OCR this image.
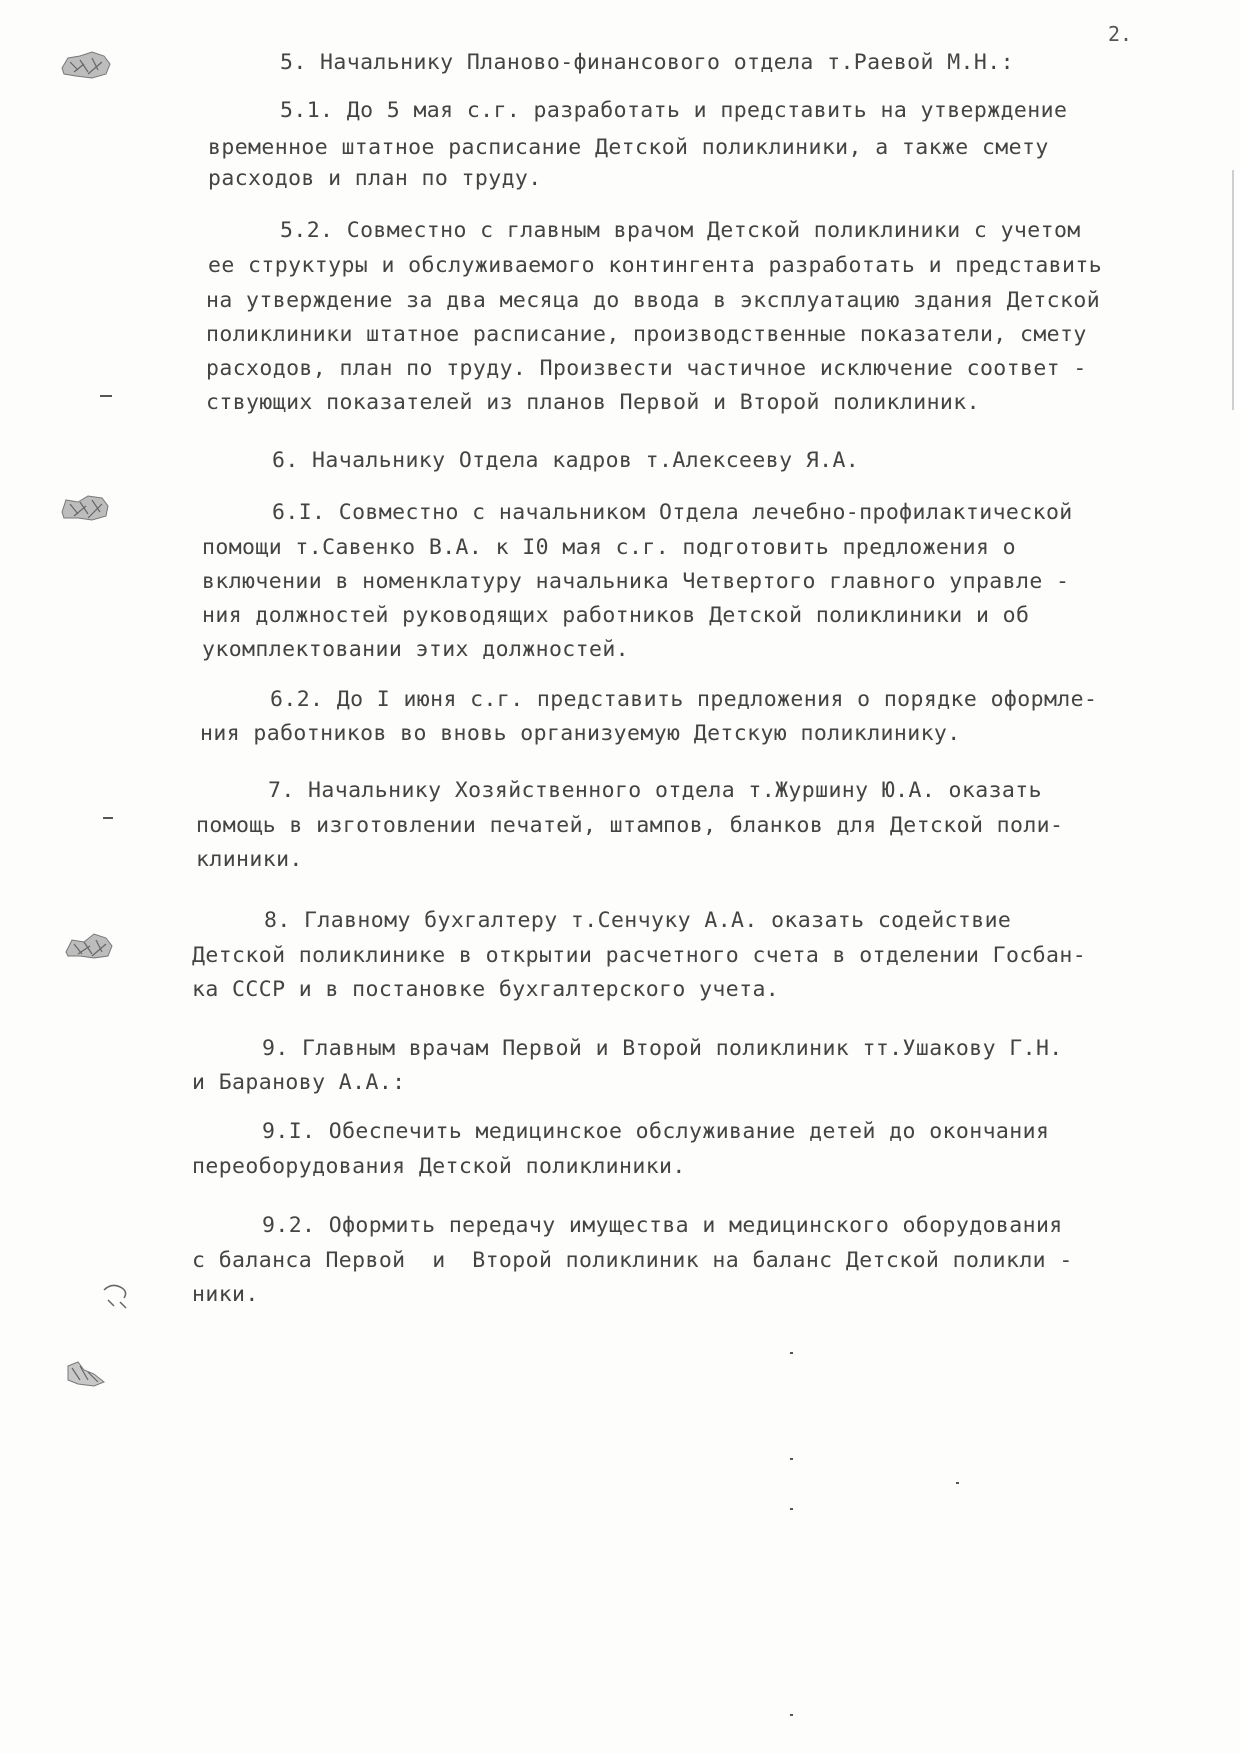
2.
5. Начальнику Планово-финансового отдела т.Раевой М.Н.:
5.1. До 5 мая с.г. разработать и представить на утверждение
временное штатное расписание Детской поликлиники, а также смету
расходов и план по труду.
5.2. Совместно с главным врачом Детской поликлиники с учетом
ее структуры и обслуживаемого контингента разработать и представить
на утверждение за два месяца до ввода в эксплуатацию здания Детской
поликлиники штатное расписание, производственные показатели, смету
расходов, план по труду. Произвести частичное исключение соответ -
ствующих показателей из планов Первой и Второй поликлиник.
6. Начальнику Отдела кадров т.Алексееву Я.А.
6.I. Совместно с начальником Отдела лечебно-профилактической
помощи т.Савенко В.А. к I0 мая с.г. подготовить предложения о
включении в номенклатуру начальника Четвертого главного управле -
ния должностей руководящих работников Детской поликлиники и об
укомплектовании этих должностей.
6.2. До I июня с.г. представить предложения о порядке оформле-
ния работников во вновь организуемую Детскую поликлинику.
7. Начальнику Хозяйственного отдела т.Журшину Ю.А. оказать
помощь в изготовлении печатей, штампов, бланков для Детской поли-
клиники.
8. Главному бухгалтеру т.Сенчуку А.А. оказать содействие
Детской поликлинике в открытии расчетного счета в отделении Госбан-
ка СССР и в постановке бухгалтерского учета.
9. Главным врачам Первой и Второй поликлиник тт.Ушакову Г.Н.
и Баранову А.А.:
9.I. Обеспечить медицинское обслуживание детей до окончания
переоборудования Детской поликлиники.
9.2. Оформить передачу имущества и медицинского оборудования
с баланса Первой  и  Второй поликлиник на баланс Детской поликли -
ники.
